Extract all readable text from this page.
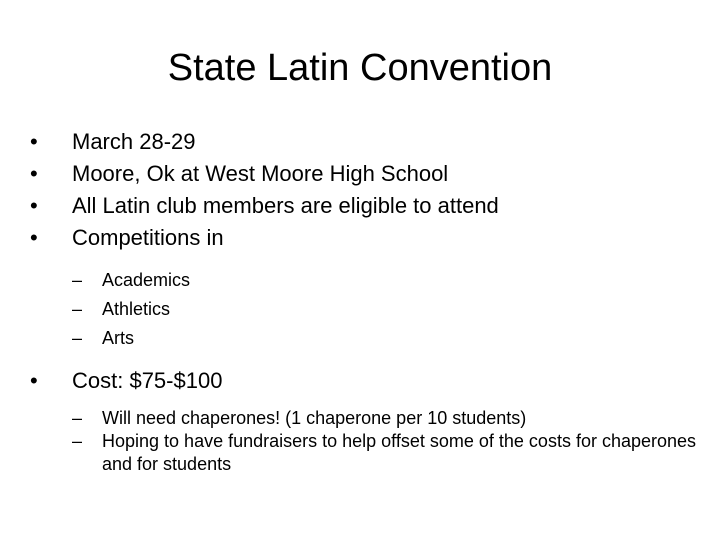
State Latin Convention
• March 28-29
• Moore, Ok at West Moore High School
• All Latin club members are eligible to attend
• Competitions in
– Academics
– Athletics
– Arts
• Cost: $75-$100
– Will need chaperones! (1 chaperone per 10 students)
– Hoping to have fundraisers to help offset some of the costs for chaperones and for students
